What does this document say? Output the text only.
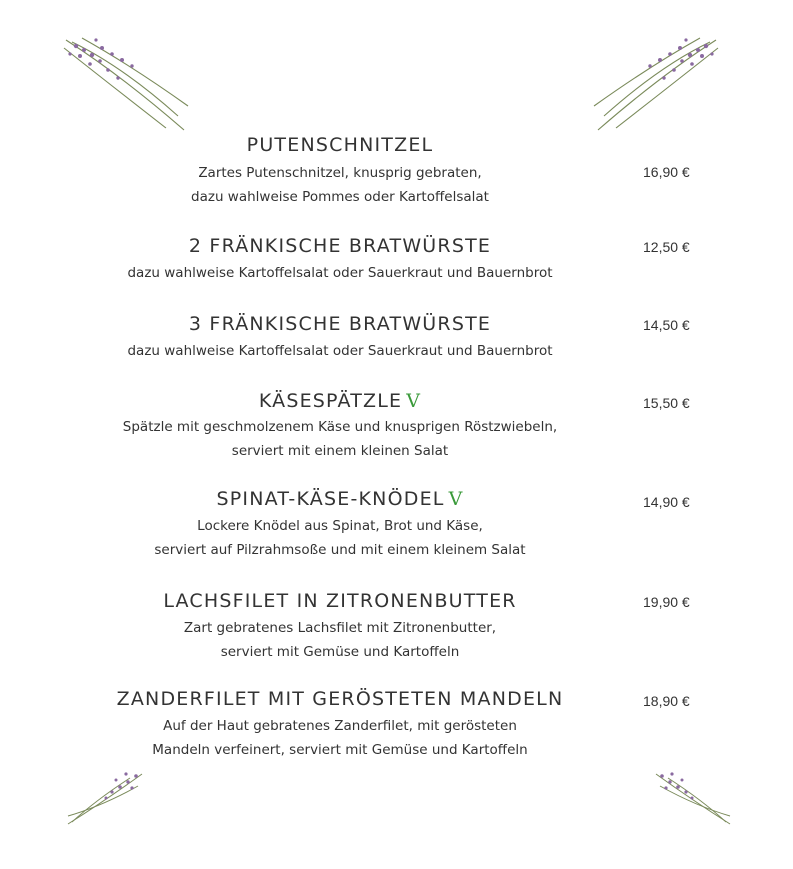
PUTENSCHNITZEL
16,90 €
Zartes Putenschnitzel, knusprig gebraten,
dazu wahlweise Pommes oder Kartoffelsalat
2 FRÄNKISCHE BRATWÜRSTE	12,50 €
dazu wahlweise Kartoffelsalat oder Sauerkraut und Bauernbrot
3 FRÄNKISCHE BRATWÜRSTE	14,50 €
dazu wahlweise Kartoffelsalat oder Sauerkraut und Bauernbrot
KÄSESPÄTZLE V	15,50 €
Spätzle mit geschmolzenem Käse und knusprigen Röstzwiebeln,
serviert mit einem kleinen Salat
SPINAT-KÄSE-KNÖDEL V	14,90 €
Lockere Knödel aus Spinat, Brot und Käse,
serviert auf Pilzrahmsoße und mit einem kleinem Salat
LACHSFILET IN ZITRONENBUTTER	19,90 €
Zart gebratenes Lachsfilet mit Zitronenbutter,
serviert mit Gemüse und Kartoffeln
ZANDERFILET MIT GERÖSTETEN MANDELN	18,90 €
Auf der Haut gebratenes Zanderfilet, mit gerösteten
Mandeln verfeinert, serviert mit Gemüse und Kartoffeln
